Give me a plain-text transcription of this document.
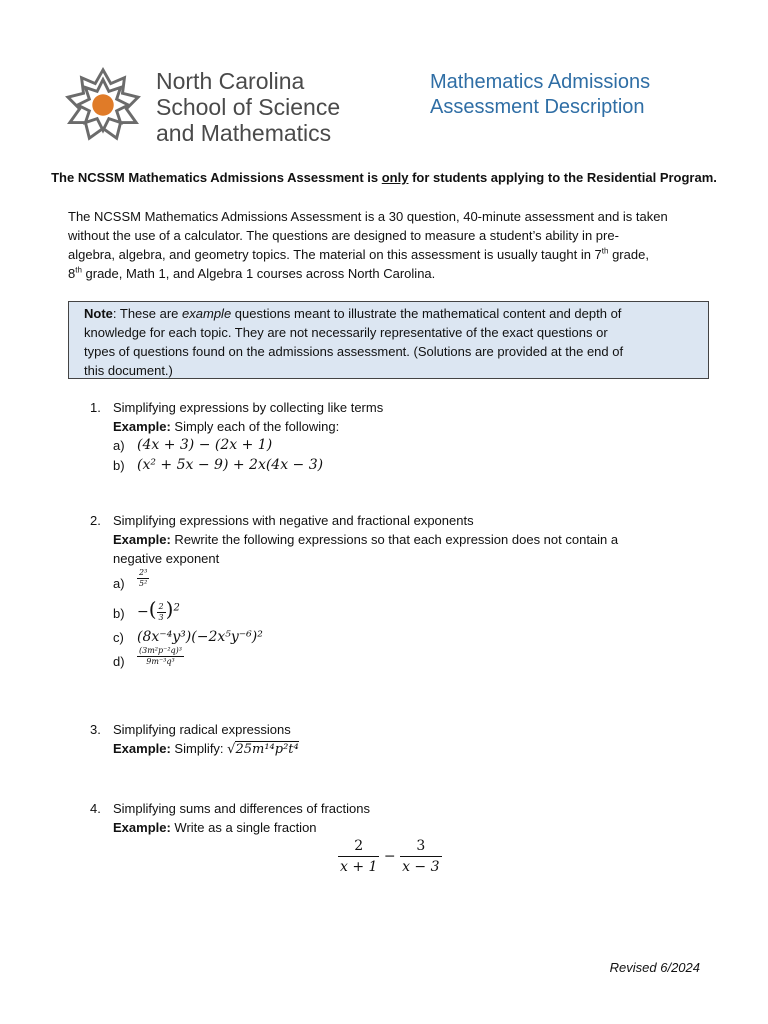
North Carolina
School of Science
and Mathematics
Mathematics Admissions
Assessment Description
The NCSSM Mathematics Admissions Assessment is only for students applying to the Residential Program.
The NCSSM Mathematics Admissions Assessment is a 30 question, 40-minute assessment and is taken
without the use of a calculator. The questions are designed to measure a student’s ability in pre-
algebra, algebra, and geometry topics. The material on this assessment is usually taught in 7th grade,
8th grade, Math 1, and Algebra 1 courses across North Carolina.
Note: These are example questions meant to illustrate the mathematical content and depth of
knowledge for each topic. They are not necessarily representative of the exact questions or
types of questions found on the admissions assessment. (Solutions are provided at the end of
this document.)
1. Simplifying expressions by collecting like terms
Example: Simply each of the following:
a) (4x + 3) − (2x + 1)
b) (x² + 5x − 9) + 2x(4x − 3)
2. Simplifying expressions with negative and fractional exponents
Example: Rewrite the following expressions so that each expression does not contain a
negative exponent
$a) \frac{\text{2³}}{\text{5²}}$
b) −( $\frac{2}{3} )^2$
c) (8x⁻⁴y³)(−2x⁵y⁻⁶)²
$d) \frac{\text{(3m²p⁻²q)³}}{\text{9m⁻³q³}}$
3. Simplifying radical expressions
Example: Simplify: √25m¹⁴p²t⁴
4. Simplifying sums and differences of fractions
Example: Write as a single fraction
$\frac{2}{x + 1} - \frac{3}{x - 3}$
Revised 6/2024
